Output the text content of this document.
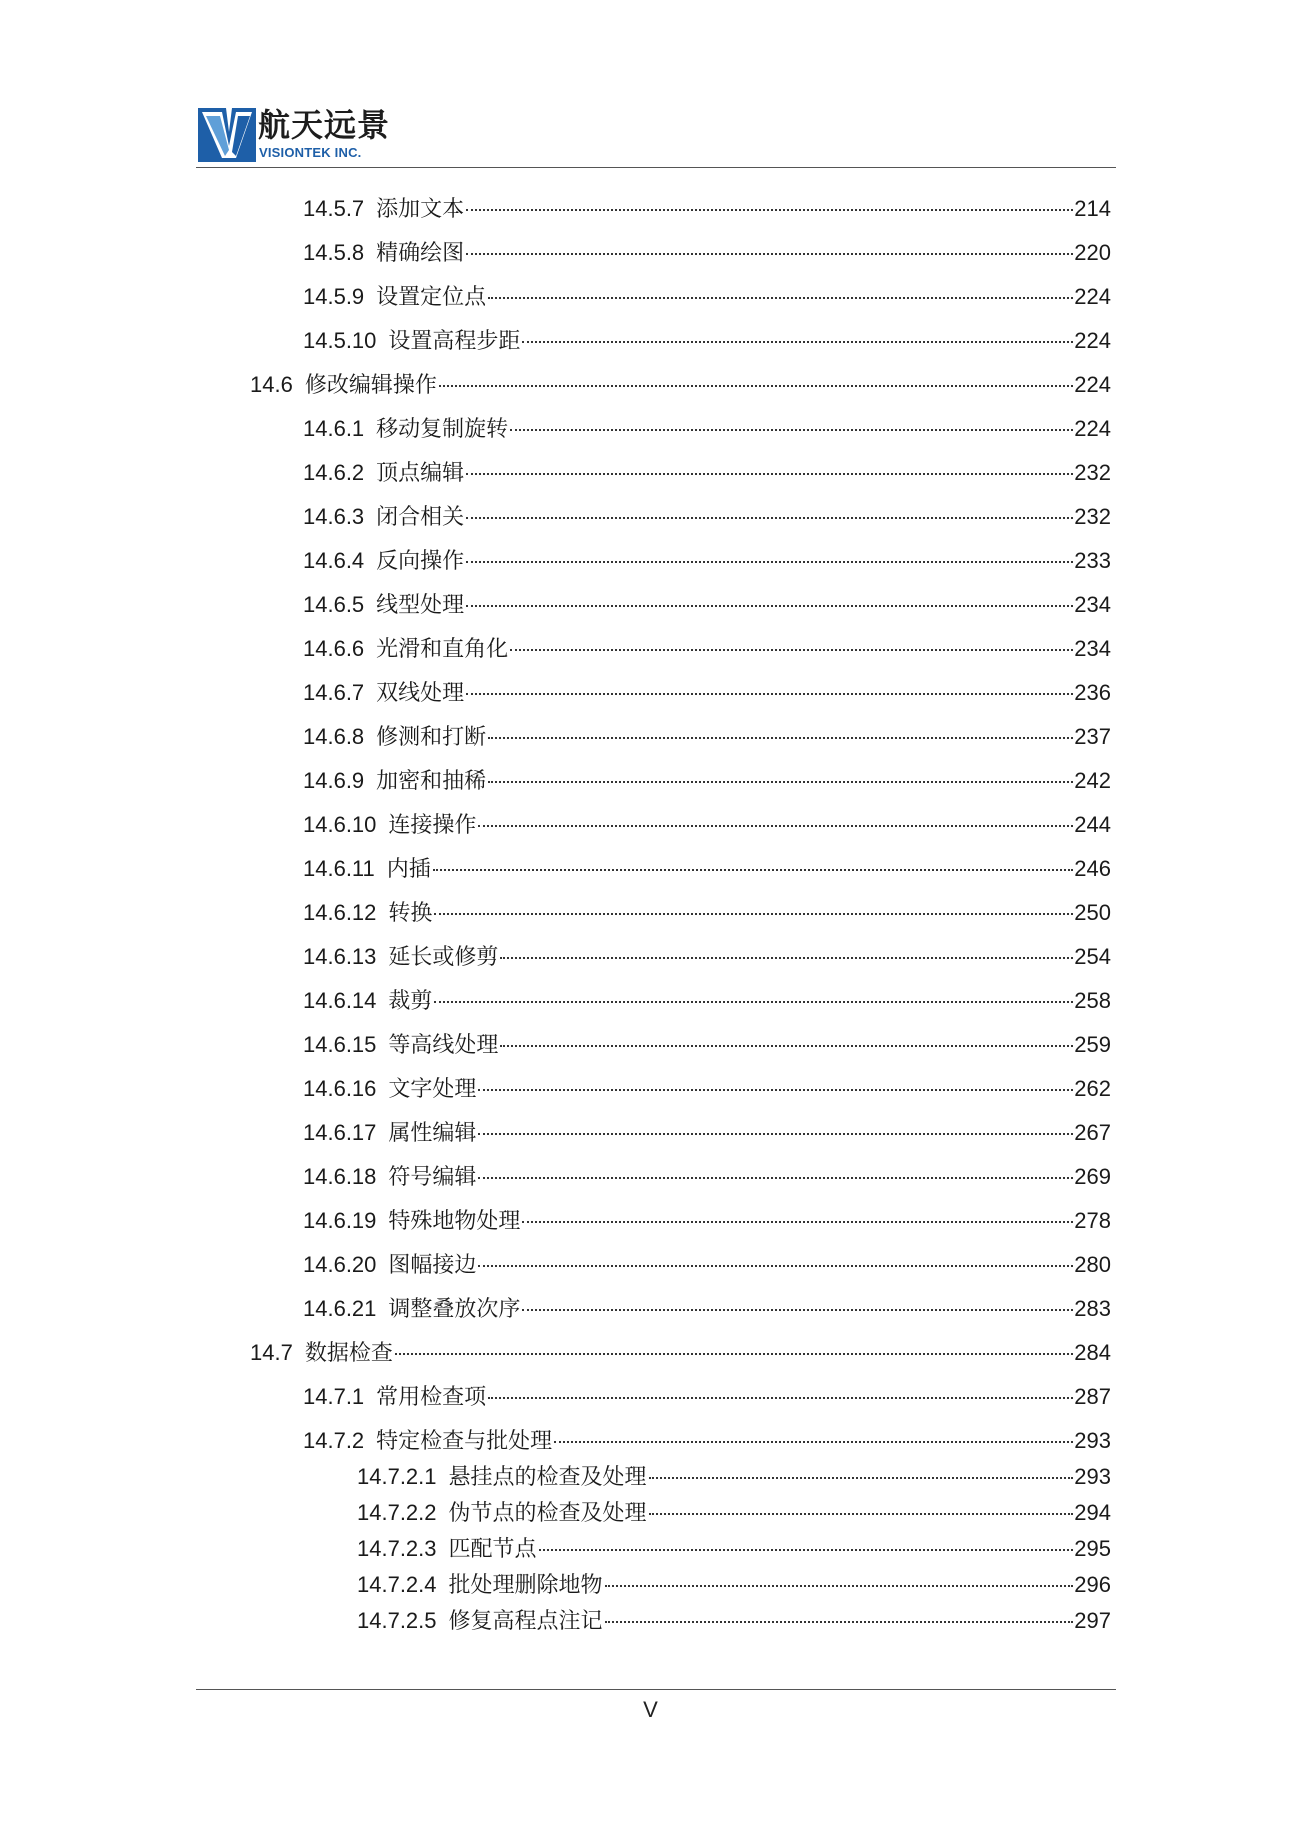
航天远景
VISIONTEK INC.
14.5.7 添加文本	214
14.5.8 精确绘图	220
14.5.9 设置定位点	224
14.5.10 设置高程步距	224
14.6 修改编辑操作	224
14.6.1 移动复制旋转	224
14.6.2 顶点编辑	232
14.6.3 闭合相关	232
14.6.4 反向操作	233
14.6.5 线型处理	234
14.6.6 光滑和直角化	234
14.6.7 双线处理	236
14.6.8 修测和打断	237
14.6.9 加密和抽稀	242
14.6.10 连接操作	244
14.6.11 内插	246
14.6.12 转换	250
14.6.13 延长或修剪	254
14.6.14 裁剪	258
14.6.15 等高线处理	259
14.6.16 文字处理	262
14.6.17 属性编辑	267
14.6.18 符号编辑	269
14.6.19 特殊地物处理	278
14.6.20 图幅接边	280
14.6.21 调整叠放次序	283
14.7 数据检查	284
14.7.1 常用检查项	287
14.7.2 特定检查与批处理	293
14.7.2.1 悬挂点的检查及处理	293
14.7.2.2 伪节点的检查及处理	294
14.7.2.3 匹配节点	295
14.7.2.4 批处理删除地物	296
14.7.2.5 修复高程点注记	297
V
